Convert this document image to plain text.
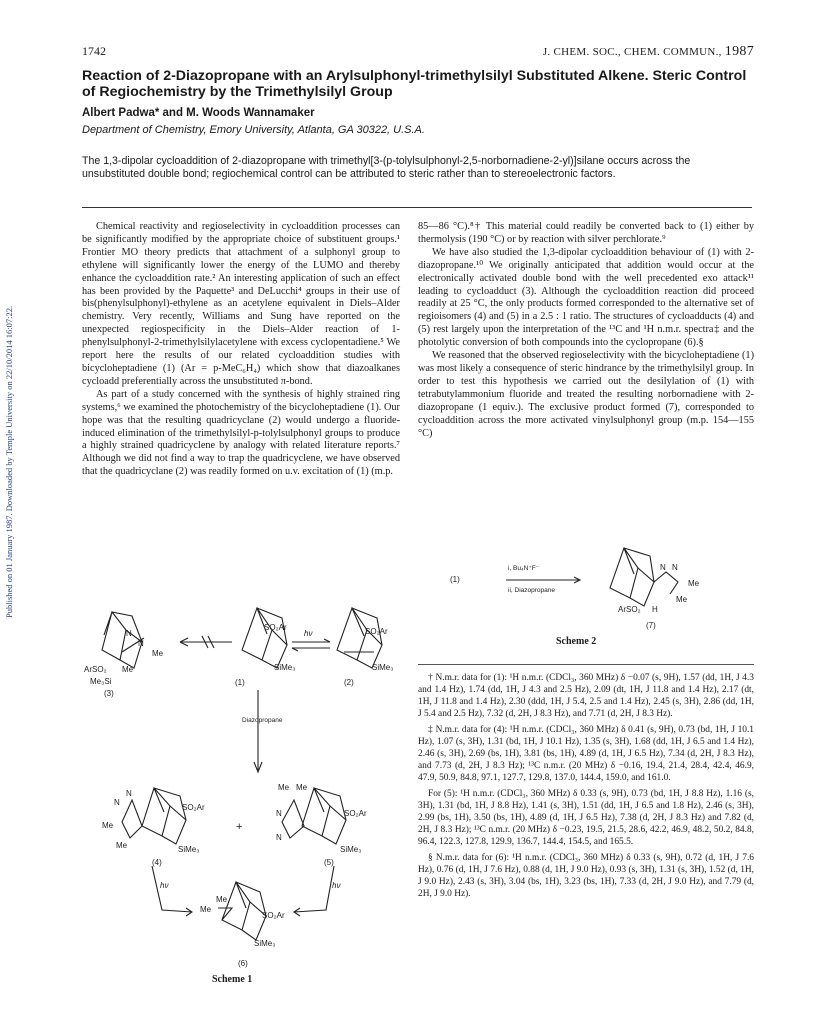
1742	J. CHEM. SOC., CHEM. COMMUN., 1987
Reaction of 2-Diazopropane with an Arylsulphonyl-trimethylsilyl Substituted Alkene. Steric Control of Regiochemistry by the Trimethylsilyl Group
Albert Padwa* and M. Woods Wannamaker
Department of Chemistry, Emory University, Atlanta, GA 30322, U.S.A.
The 1,3-dipolar cycloaddition of 2-diazopropane with trimethyl[3-(p-tolylsulphonyl-2,5-norbornadiene-2-yl)]silane occurs across the unsubstituted double bond; regiochemical control can be attributed to steric rather than to stereoelectronic factors.
Published on 01 January 1987. Downloaded by Temple University on 22/10/2014 16:07:22.

Chemical reactivity and regioselectivity in cycloaddition processes can be significantly modified by the appropriate choice of substituent groups.¹ Frontier MO theory predicts that attachment of a sulphonyl group to ethylene will significantly lower the energy of the LUMO and thereby enhance the cycloaddition rate.² An interesting application of such an effect has been provided by the Paquette³ and DeLucchi⁴ groups in their use of bis(phenylsulphonyl)-ethylene as an acetylene equivalent in Diels–Alder chemistry. Very recently, Williams and Sung have reported on the unexpected regiospecificity in the Diels–Alder reaction of 1-phenylsulphonyl-2-trimethylsilylacetylene with excess cyclopentadiene.⁵ We report here the results of our related cycloaddition studies with bicycloheptadiene (1) (Ar = p-MeC₆H₄) which show that diazoalkanes cycloadd preferentially across the unsubstituted π-bond.

As part of a study concerned with the synthesis of highly strained ring systems,⁶ we examined the photochemistry of the bicycloheptadiene (1). Our hope was that the resulting quadricyclane (2) would undergo a fluoride-induced elimination of the trimethylsilyl-p-tolylsulphonyl groups to produce a highly strained quadricyclene by analogy with related literature reports.⁷ Although we did not find a way to trap the quadricyclene, we have observed that the quadricyclane (2) was readily formed on u.v. excitation of (1) (m.p.

85—86 °C).⁸† This material could readily be converted back to (1) either by thermolysis (190 °C) or by reaction with silver perchlorate.⁹

We have also studied the 1,3-dipolar cycloaddition behaviour of (1) with 2-diazopropane.¹⁰ We originally anticipated that addition would occur at the electronically activated double bond with the well precedented exo attack¹¹ leading to cycloadduct (3). Although the cycloaddition reaction did proceed readily at 25 °C, the only products formed corresponded to the alternative set of regioisomers (4) and (5) in a 2.5 : 1 ratio. The structures of cycloadducts (4) and (5) rest largely upon the interpretation of the ¹³C and ¹H n.m.r. spectra‡ and the photolytic conversion of both compounds into the cyclopropane (6).§

We reasoned that the observed regioselectivity with the bicycloheptadiene (1) was most likely a consequence of steric hindrance by the trimethylsilyl group. In order to test this hypothesis we carried out the desilylation of (1) with tetrabutylammonium fluoride and treated the resulting norbornadiene with 2-diazopropane (1 equiv.). The exclusive product formed (7), corresponded to cycloaddition across the more activated vinylsulphonyl group (m.p. 154—155 °C)

N
N
Me
ArSO₂ Me
Me₃Si
(3)
SO₂Ar
SiMe₃
(1)
hν	SO₂Ar
SiMe₃
(2)
Diazopropane
SO₂Ar
SiMe₃
N
N
Me
Me
(4)
+
Me Me
N
N
SO₂Ar
SiMe₃
(5)
hν	hν
Me
Me
SO₂Ar
SiMe₃
(6)
Scheme 1
(1)
i, Bu₄N⁺F⁻
ii, Diazopropane
N N
Me
Me
ArSO₂ H
(7)
Scheme 2

† N.m.r. data for (1): ¹H n.m.r. (CDCl₃, 360 MHz) δ −0.07 (s, 9H), 1.57 (dd, 1H, J 4.3 and 1.4 Hz), 1.74 (dd, 1H, J 4.3 and 2.5 Hz), 2.09 (dt, 1H, J 11.8 and 1.4 Hz), 2.17 (dt, 1H, J 11.8 and 1.4 Hz), 2.30 (ddd, 1H, J 5.4, 2.5 and 1.4 Hz), 2.45 (s, 3H), 2.86 (dd, 1H, J 5.4 and 2.5 Hz), 7.32 (d, 2H, J 8.3 Hz), and 7.71 (d, 2H, J 8.3 Hz).

‡ N.m.r. data for (4): ¹H n.m.r. (CDCl₃, 360 MHz) δ 0.41 (s, 9H), 0.73 (bd, 1H, J 10.1 Hz), 1.07 (s, 3H), 1.31 (bd, 1H, J 10.1 Hz), 1.35 (s, 3H), 1.68 (dd, 1H, J 6.5 and 1.4 Hz), 2.46 (s, 3H), 2.69 (bs, 1H), 3.81 (bs, 1H), 4.89 (d, 1H, J 6.5 Hz), 7.34 (d, 2H, J 8.3 Hz), and 7.73 (d, 2H, J 8.3 Hz); ¹³C n.m.r. (20 MHz) δ −0.16, 19.4, 21.4, 28.4, 42.4, 46.9, 47.9, 50.9, 84.8, 97.1, 127.7, 129.8, 137.0, 144.4, 159.0, and 161.0.

For (5): ¹H n.m.r. (CDCl₃, 360 MHz) δ 0.33 (s, 9H), 0.73 (bd, 1H, J 8.8 Hz), 1.16 (s, 3H), 1.31 (bd, 1H, J 8.8 Hz), 1.41 (s, 3H), 1.51 (dd, 1H, J 6.5 and 1.8 Hz), 2.46 (s, 3H), 2.99 (bs, 1H), 3.50 (bs, 1H), 4.89 (d, 1H, J 6.5 Hz), 7.38 (d, 2H, J 8.3 Hz) and 7.82 (d, 2H, J 8.3 Hz); ¹³C n.m.r. (20 MHz) δ −0.23, 19.5, 21.5, 28.6, 42.2, 46.9, 48.2, 50.2, 84.8, 96.4, 122.3, 127.8, 129.9, 136.7, 144.4, 154.5, and 165.5.

§ N.m.r. data for (6): ¹H n.m.r. (CDCl₃, 360 MHz) δ 0.33 (s, 9H), 0.72 (d, 1H, J 7.6 Hz), 0.76 (d, 1H, J 7.6 Hz), 0.88 (d, 1H, J 9.0 Hz), 0.93 (s, 3H), 1.31 (s, 3H), 1.52 (d, 1H, J 9.0 Hz), 2.43 (s, 3H), 3.04 (bs, 1H), 3.23 (bs, 1H), 7.33 (d, 2H, J 9.0 Hz), and 7.79 (d, 2H, J 9.0 Hz).
